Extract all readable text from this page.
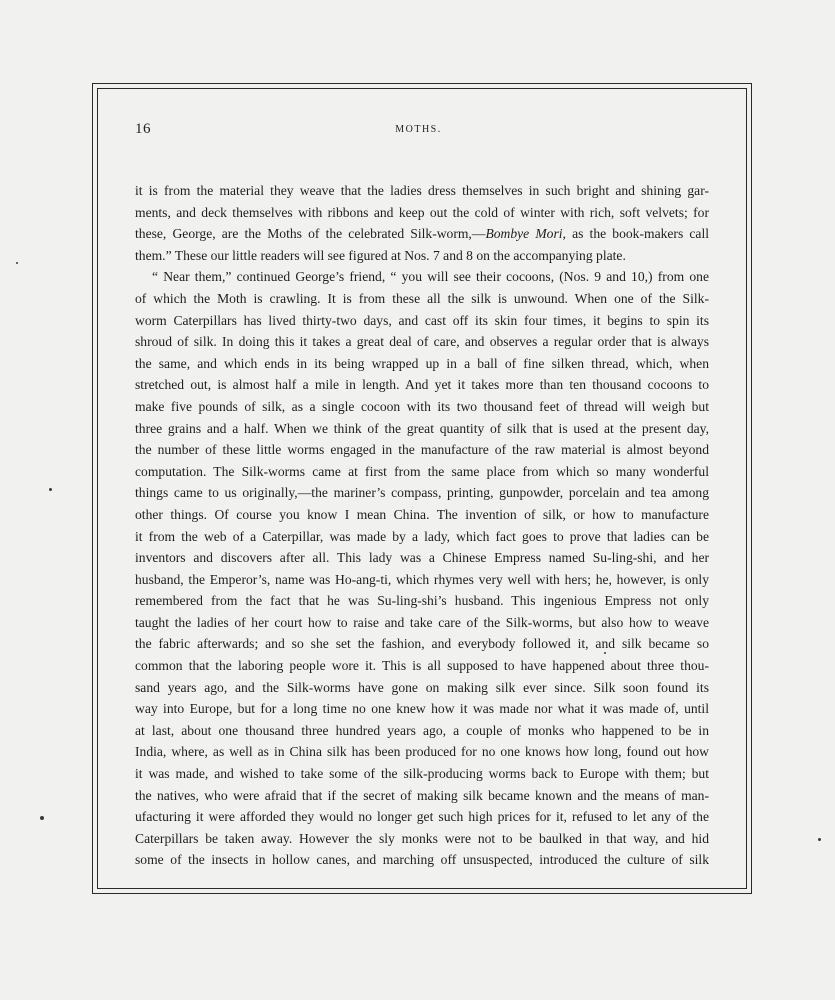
16	MOTHS.
it is from the material they weave that the ladies dress themselves in such bright and shining gar-
ments, and deck themselves with ribbons and keep out the cold of winter with rich, soft velvets; for
these, George, are the Moths of the celebrated Silk-worm,—Bombye Mori, as the book-makers call
them.” These our little readers will see figured at Nos. 7 and 8 on the accompanying plate.
“ Near them,” continued George’s friend, “ you will see their cocoons, (Nos. 9 and 10,) from one
of which the Moth is crawling. It is from these all the silk is unwound. When one of the Silk-
worm Caterpillars has lived thirty-two days, and cast off its skin four times, it begins to spin its
shroud of silk. In doing this it takes a great deal of care, and observes a regular order that is always
the same, and which ends in its being wrapped up in a ball of fine silken thread, which, when
stretched out, is almost half a mile in length. And yet it takes more than ten thousand cocoons to
make five pounds of silk, as a single cocoon with its two thousand feet of thread will weigh but
three grains and a half. When we think of the great quantity of silk that is used at the present day,
the number of these little worms engaged in the manufacture of the raw material is almost beyond
computation. The Silk-worms came at first from the same place from which so many wonderful
things came to us originally,—the mariner’s compass, printing, gunpowder, porcelain and tea among
other things. Of course you know I mean China. The invention of silk, or how to manufacture
it from the web of a Caterpillar, was made by a lady, which fact goes to prove that ladies can be
inventors and discovers after all. This lady was a Chinese Empress named Su-ling-shi, and her
husband, the Emperor’s, name was Ho-ang-ti, which rhymes very well with hers; he, however, is only
remembered from the fact that he was Su-ling-shi’s husband. This ingenious Empress not only
taught the ladies of her court how to raise and take care of the Silk-worms, but also how to weave
the fabric afterwards; and so she set the fashion, and everybody followed it, and silk became so
common that the laboring people wore it. This is all supposed to have happened about three thou-
sand years ago, and the Silk-worms have gone on making silk ever since. Silk soon found its
way into Europe, but for a long time no one knew how it was made nor what it was made of, until
at last, about one thousand three hundred years ago, a couple of monks who happened to be in
India, where, as well as in China silk has been produced for no one knows how long, found out how
it was made, and wished to take some of the silk-producing worms back to Europe with them; but
the natives, who were afraid that if the secret of making silk became known and the means of man-
ufacturing it were afforded they would no longer get such high prices for it, refused to let any of the
Caterpillars be taken away. However the sly monks were not to be baulked in that way, and hid
some of the insects in hollow canes, and marching off unsuspected, introduced the culture of silk
